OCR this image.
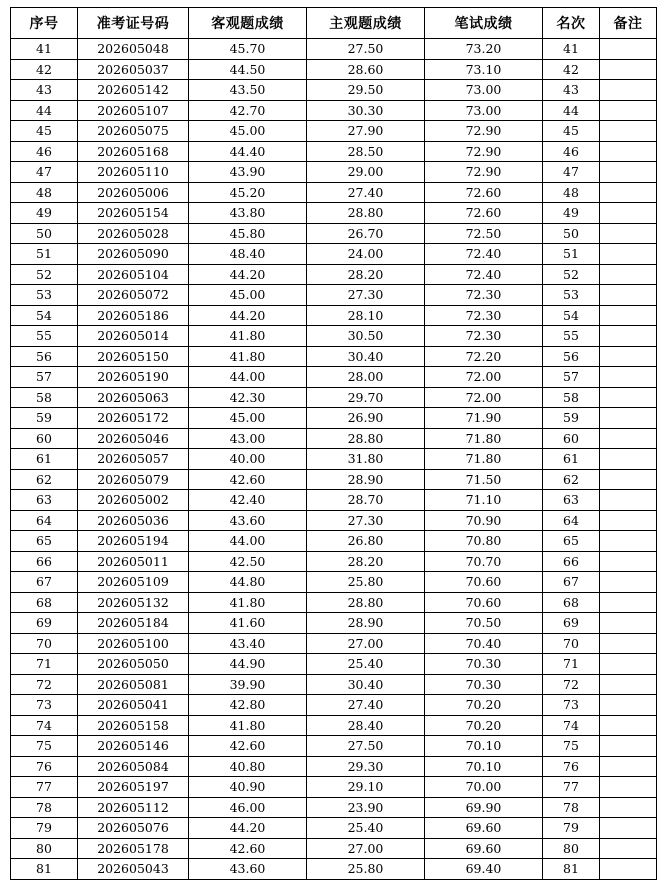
序号	准考证号码	客观题成绩	主观题成绩	笔试成绩	名次	备注
41	202605048	45.70	27.50	73.20	41	
42	202605037	44.50	28.60	73.10	42	
43	202605142	43.50	29.50	73.00	43	
44	202605107	42.70	30.30	73.00	44	
45	202605075	45.00	27.90	72.90	45	
46	202605168	44.40	28.50	72.90	46	
47	202605110	43.90	29.00	72.90	47	
48	202605006	45.20	27.40	72.60	48	
49	202605154	43.80	28.80	72.60	49	
50	202605028	45.80	26.70	72.50	50	
51	202605090	48.40	24.00	72.40	51	
52	202605104	44.20	28.20	72.40	52	
53	202605072	45.00	27.30	72.30	53	
54	202605186	44.20	28.10	72.30	54	
55	202605014	41.80	30.50	72.30	55	
56	202605150	41.80	30.40	72.20	56	
57	202605190	44.00	28.00	72.00	57	
58	202605063	42.30	29.70	72.00	58	
59	202605172	45.00	26.90	71.90	59	
60	202605046	43.00	28.80	71.80	60	
61	202605057	40.00	31.80	71.80	61	
62	202605079	42.60	28.90	71.50	62	
63	202605002	42.40	28.70	71.10	63	
64	202605036	43.60	27.30	70.90	64	
65	202605194	44.00	26.80	70.80	65	
66	202605011	42.50	28.20	70.70	66	
67	202605109	44.80	25.80	70.60	67	
68	202605132	41.80	28.80	70.60	68	
69	202605184	41.60	28.90	70.50	69	
70	202605100	43.40	27.00	70.40	70	
71	202605050	44.90	25.40	70.30	71	
72	202605081	39.90	30.40	70.30	72	
73	202605041	42.80	27.40	70.20	73	
74	202605158	41.80	28.40	70.20	74	
75	202605146	42.60	27.50	70.10	75	
76	202605084	40.80	29.30	70.10	76	
77	202605197	40.90	29.10	70.00	77	
78	202605112	46.00	23.90	69.90	78	
79	202605076	44.20	25.40	69.60	79	
80	202605178	42.60	27.00	69.60	80	
81	202605043	43.60	25.80	69.40	81	
